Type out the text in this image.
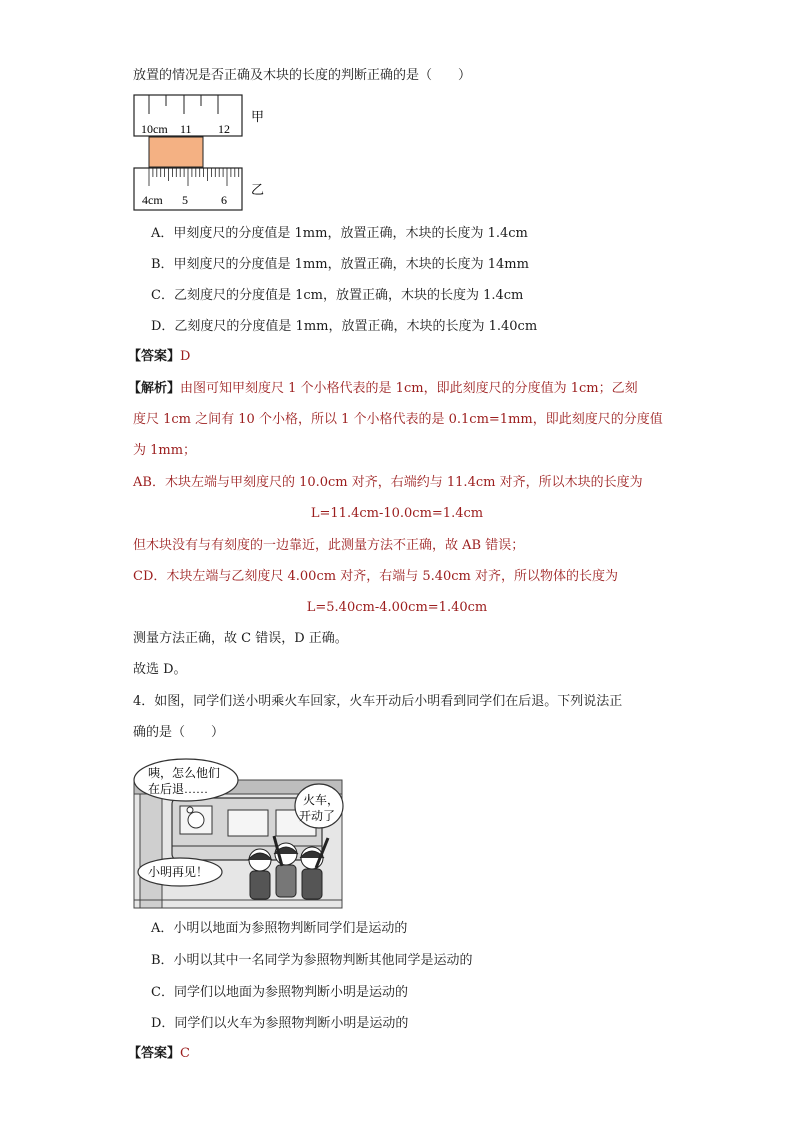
放置的情况是否正确及木块的长度的判断正确的是（　　）
10cm 11 12
甲
4cm 5	6
乙
A．甲刻度尺的分度值是 1mm，放置正确，木块的长度为 1.4cm
B．甲刻度尺的分度值是 1mm，放置正确，木块的长度为 14mm
C．乙刻度尺的分度值是 1cm，放置正确，木块的长度为 1.4cm
D．乙刻度尺的分度值是 1mm，放置正确，木块的长度为 1.40cm
【答案】D
【解析】由图可知甲刻度尺 1 个小格代表的是 1cm，即此刻度尺的分度值为 1cm；乙刻
度尺 1cm 之间有 10 个小格，所以 1 个小格代表的是 0.1cm=1mm，即此刻度尺的分度值
为 1mm；
AB．木块左端与甲刻度尺的 10.0cm 对齐，右端约与 11.4cm 对齐，所以木块的长度为
L=11.4cm-10.0cm=1.4cm
但木块没有与有刻度的一边靠近，此测量方法不正确，故 AB 错误；
CD．木块左端与乙刻度尺 4.00cm 对齐，右端与 5.40cm 对齐，所以物体的长度为
L=5.40cm-4.00cm=1.40cm
测量方法正确，故 C 错误，D 正确。
故选 D。
4．如图，同学们送小明乘火车回家，火车开动后小明看到同学们在后退。下列说法正
确的是（　　）
咦，怎么他们
在后退……
火车，
开动了
小明再见！
A．小明以地面为参照物判断同学们是运动的
B．小明以其中一名同学为参照物判断其他同学是运动的
C．同学们以地面为参照物判断小明是运动的
D．同学们以火车为参照物判断小明是运动的
【答案】C
